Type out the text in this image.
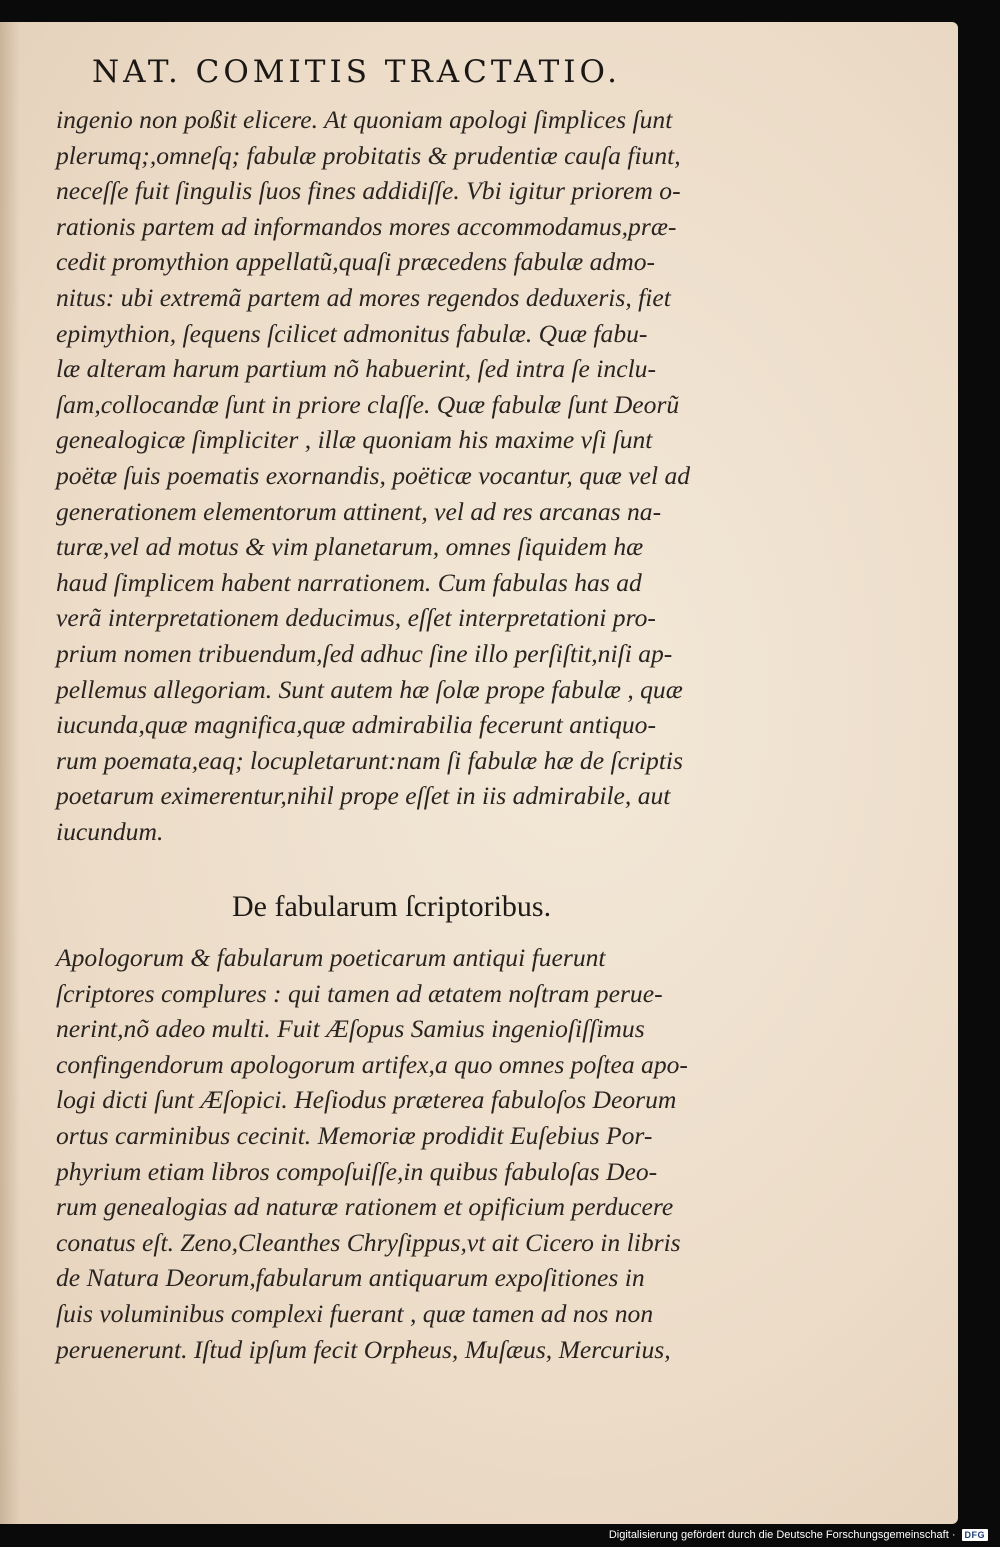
NAT. COMITIS TRACTATIO.
ingenio non poßit elicere. At quoniam apologi ſimplices ſunt
plerumq;,omneſq; fabulæ probitatis & prudentiæ cauſa fiunt,
neceſſe fuit ſingulis ſuos fines addidiſſe. Vbi igitur priorem o-
rationis partem ad informandos mores accommodamus,præ-
cedit promythion appellatũ,quaſi præcedens fabulæ admo-
nitus: ubi extremã partem ad mores regendos deduxeris, fiet
epimythion, ſequens ſcilicet admonitus fabulæ. Quæ fabu-
læ alteram harum partium nõ habuerint, ſed intra ſe inclu-
ſam,collocandæ ſunt in priore claſſe. Quæ fabulæ ſunt Deorũ
genealogicæ ſimpliciter , illæ quoniam his maxime vſi ſunt
poëtæ ſuis poematis exornandis, poëticæ vocantur, quæ vel ad
generationem elementorum attinent, vel ad res arcanas na-
turæ,vel ad motus & vim planetarum, omnes ſiquidem hæ
haud ſimplicem habent narrationem. Cum fabulas has ad
verã interpretationem deducimus, eſſet interpretationi pro-
prium nomen tribuendum,ſed adhuc ſine illo perſiſtit,niſi ap-
pellemus allegoriam. Sunt autem hæ ſolæ prope fabulæ , quæ
iucunda,quæ magnifica,quæ admirabilia fecerunt antiquo-
rum poemata,eaq; locupletarunt:nam ſi fabulæ hæ de ſcriptis
poetarum eximerentur,nihil prope eſſet in iis admirabile, aut
iucundum.
De fabularum ſcriptoribus.
Apologorum & fabularum poeticarum antiqui fuerunt
ſcriptores complures : qui tamen ad ætatem noſtram perue-
nerint,nõ adeo multi. Fuit Æſopus Samius ingenioſiſſimus
confingendorum apologorum artifex,a quo omnes poſtea apo-
logi dicti ſunt Æſopici. Heſiodus præterea fabuloſos Deorum
ortus carminibus cecinit. Memoriæ prodidit Euſebius Por-
phyrium etiam libros compoſuiſſe,in quibus fabuloſas Deo-
rum genealogias ad naturæ rationem et opificium perducere
conatus eſt. Zeno,Cleanthes Chryſippus,vt ait Cicero in libris
de Natura Deorum,fabularum antiquarum expoſitiones in
ſuis voluminibus complexi fuerant , quæ tamen ad nos non
peruenerunt. Iſtud ipſum fecit Orpheus, Muſæus, Mercurius,
Digitalisierung gefördert durch die Deutsche Forschungsgemeinschaft ·	DFG
